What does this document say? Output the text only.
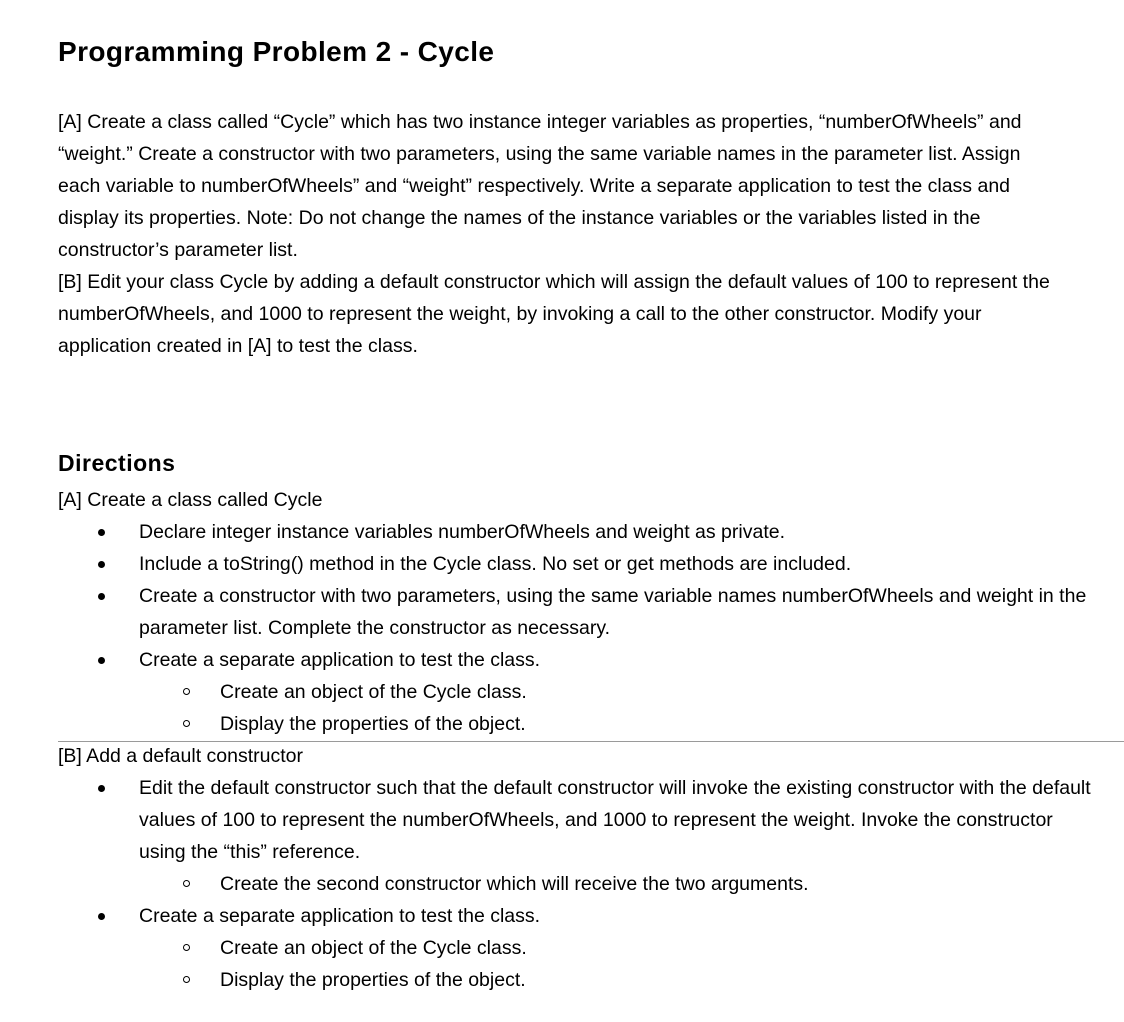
Programming Problem 2 - Cycle

[A] Create a class called “Cycle” which has two instance integer variables as properties, “numberOfWheels” and “weight.” Create a constructor with two parameters, using the same variable names in the parameter list. Assign each variable to numberOfWheels” and “weight” respectively. Write a separate application to test the class and display its properties. Note: Do not change the names of the instance variables or the variables listed in the constructor’s parameter list.

[B] Edit your class Cycle by adding a default constructor which will assign the default values of 100 to represent the numberOfWheels, and 1000 to represent the weight, by invoking a call to the other constructor. Modify your application created in [A] to test the class.

Directions

[A] Create a class called Cycle

Declare integer instance variables numberOfWheels and weight as private.
Include a toString() method in the Cycle class. No set or get methods are included.
Create a constructor with two parameters, using the same variable names numberOfWheels and weight in the parameter list. Complete the constructor as necessary.
Create a separate application to test the class.
Create an object of the Cycle class.
Display the properties of the object.

[B] Add a default constructor

Edit the default constructor such that the default constructor will invoke the existing constructor with the default values of 100 to represent the numberOfWheels, and 1000 to represent the weight. Invoke the constructor using the “this” reference.
Create the second constructor which will receive the two arguments.
Create a separate application to test the class.
Create an object of the Cycle class.
Display the properties of the object.
